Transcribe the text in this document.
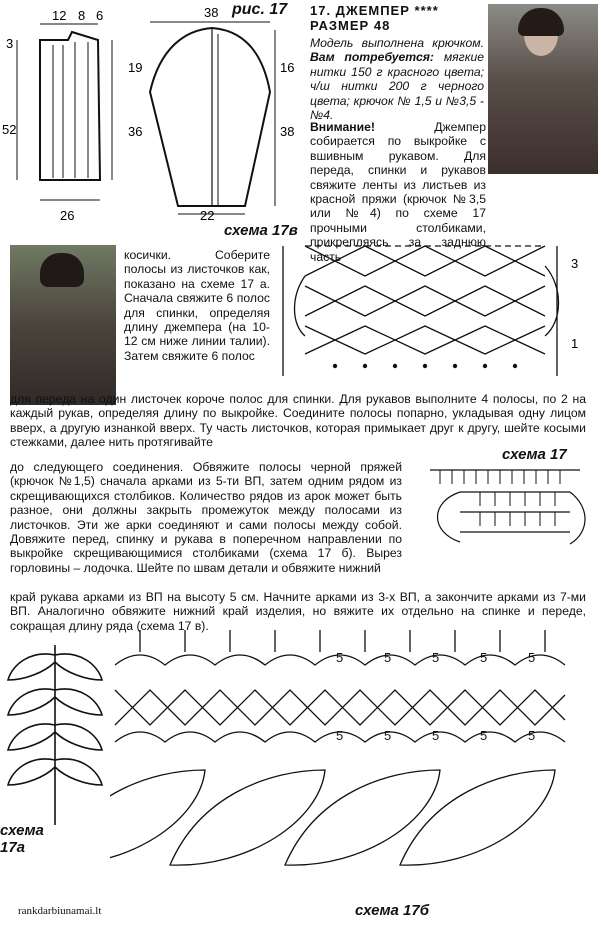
12 8 6
3
19
52	36
26
38
16
38
22
рис. 17 17. ДЖЕМПЕР ****
РАЗМЕР 48
Модель выполнена крючком. Вам потребуется: мягкие нитки 150 г красного цвета; ч/ш нитки 200 г черного цвета; крючок № 1,5 и №3,5 - №4.
Внимание!	Джемпер собирается по выкройке с вшивным рукавом. Для переда, спинки и рукавов свяжите ленты из листьев из красной пряжи (крючок №3,5 или №4) по схеме 17 прочными столбиками, прикрепляясь за заднюю часть
косички. Соберите полосы из листочков как, показано на схеме 17 а. Сначала свяжите 6 полос для спинки, определяя длину джемпера (на 10-12 см ниже линии талии). Затем свяжите 6 полос
схема 17в
3
1
для переда на один листочек короче полос для спинки. Для рукавов выполните 4 полосы, по 2 на каждый рукав, определяя длину по выкройке. Соедините полосы попарно, укладывая одну лицом вверх, а другую изнанкой вверх. Ту часть листочков, которая примыкает друг к другу, шейте косыми стежками, далее нить протягивайте
схема 17
до следующего соединения. Обвяжите полосы черной пряжей (крючок №1,5) сначала арками из 5-ти ВП, затем одним рядом из скрещивающихся столбиков. Количество рядов из арок может быть разное, они должны закрыть промежуток между полосами из листочков. Эти же арки соединяют и сами полосы между собой. Довяжите перед, спинку и рукава в поперечном направлении по выкройке скрещивающимися столбиками (схема 17 б). Вырез горловины – лодочка. Шейте по швам детали и обвяжите нижний
край рукава арками из ВП на высоту 5 см. Начните арками из 3-х ВП, а закончите арками из 7-ми ВП. Аналогично обвяжите нижний край изделия, но вяжите их отдельно на спинке и переде, сокращая длину ряда (схема 17 в).
5	5	5	5	5
5	5	5	5	5
схема
17а
схема 17б
rankdarbiunamai.lt
